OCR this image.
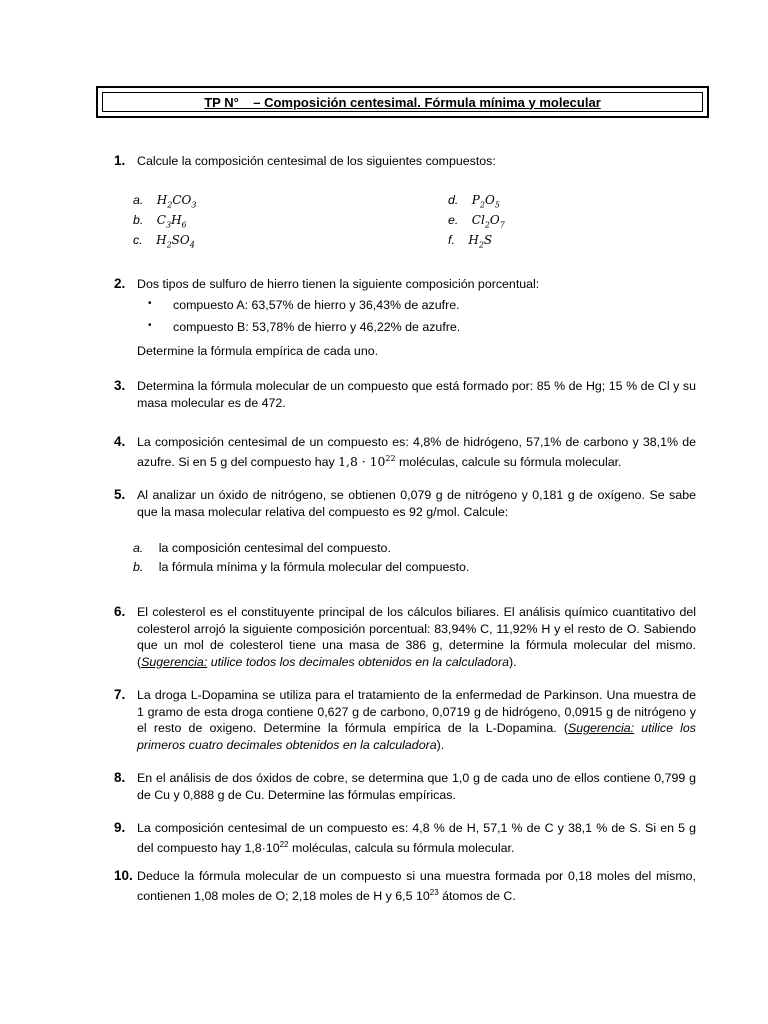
TP N°    – Composición centesimal. Fórmula mínima y molecular
1. Calcule la composición centesimal de los siguientes compuestos:
a. $H_2CO_3$
b. $C_3H_6$
c. $H_2SO_4$
d. $P_2O_5$
e. $Cl_2O_7$
f. $H_2S$
2. Dos tipos de sulfuro de hierro tienen la siguiente composición porcentual:
• compuesto A: 63,57% de hierro y 36,43% de azufre.
• compuesto B: 53,78% de hierro y 46,22% de azufre.
Determine la fórmula empírica de cada uno.
3. Determina la fórmula molecular de un compuesto que está formado por: 85 % de Hg; 15 % de Cl y su masa molecular es de 472.
4. La composición centesimal de un compuesto es: 4,8% de hidrógeno, 57,1% de carbono y 38,1% de azufre. Si en 5 g del compuesto hay $1,8 \cdot 10^{22}$ moléculas, calcule su fórmula molecular.
5. Al analizar un óxido de nitrógeno, se obtienen 0,079 g de nitrógeno y 0,181 g de oxígeno. Se sabe que la masa molecular relativa del compuesto es 92 g/mol. Calcule:
a. la composición centesimal del compuesto.
b. la fórmula mínima y la fórmula molecular del compuesto.
6. El colesterol es el constituyente principal de los cálculos biliares. El análisis químico cuantitativo del colesterol arrojó la siguiente composición porcentual: 83,94% C, 11,92% H y el resto de O. Sabiendo que un mol de colesterol tiene una masa de 386 g, determine la fórmula molecular del mismo. (Sugerencia: utilice todos los decimales obtenidos en la calculadora).
7. La droga L-Dopamina se utiliza para el tratamiento de la enfermedad de Parkinson. Una muestra de 1 gramo de esta droga contiene 0,627 g de carbono, 0,0719 g de hidrógeno, 0,0915 g de nitrógeno y el resto de oxigeno. Determine la fórmula empírica de la L-Dopamina. (Sugerencia: utilice los primeros cuatro decimales obtenidos en la calculadora).
8. En el análisis de dos óxidos de cobre, se determina que 1,0 g de cada uno de ellos contiene 0,799 g de Cu y 0,888 g de Cu. Determine las fórmulas empíricas.
9. La composición centesimal de un compuesto es: 4,8 % de H, 57,1 % de C y 38,1 % de S. Si en 5 g del compuesto hay $1,8\cdot 10^{22}$ moléculas, calcula su fórmula molecular.
10. Deduce la fórmula molecular de un compuesto si una muestra formada por 0,18 moles del mismo, contienen 1,08 moles de O; 2,18 moles de H y 6,5 $10^{23}$ átomos de C.
